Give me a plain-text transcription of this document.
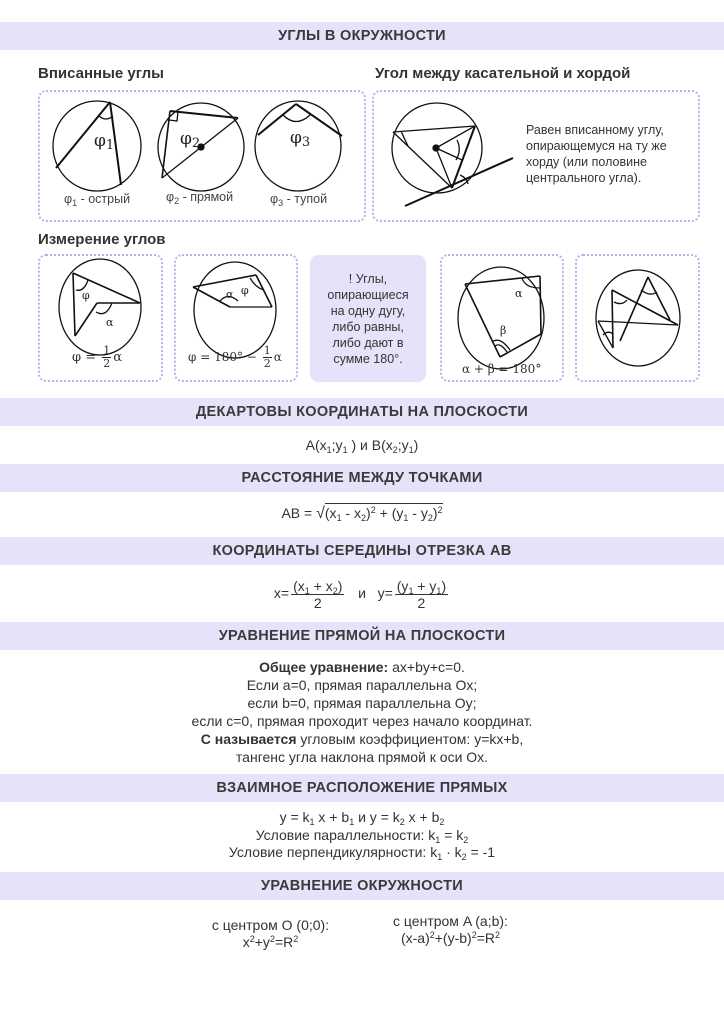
УГЛЫ В ОКРУЖНОСТИ
Вписанные углы	Угол между касательной и хордой
φ1	φ2	φ3
φ
α
α φ	α
β
$\varphi_1$ - острый	$\varphi_2$ - прямой	$\varphi_3$ - тупой
Равен вписанному углу,
опирающемуся на ту же
хорду (или половине
центрального угла).
Измерение углов
$\varphi = \frac{1}{2}$ α	$\varphi = 180^\circ - \frac{1}{2}$ α
α + β = 180°
! Углы,
опирающиеся
на одну дугу,
либо равны,
либо дают в
сумме 180°.
ДЕКАРТОВЫ КООРДИНАТЫ НА ПЛОСКОСТИ
$A(x_1;y_1$ ) и $B(x_2;y_1)$
РАССТОЯНИЕ МЕЖДУ ТОЧКАМИ
AB = $√(x_1 - x_2)^2 + (y_1 - y_2)^2$
КООРДИНАТЫ СЕРЕДИНЫ ОТРЕЗКА АВ
$x= \frac{(x_1 + x_2)}{2}$ и $y= \frac{(y_1 + y_1)}{2}$
УРАВНЕНИЕ ПРЯМОЙ НА ПЛОСКОСТИ
Общее уравнение: ax+by+c=0.
Если a=0, прямая параллельна Ox;
если b=0, прямая параллельна Oy;
если c=0, прямая проходит через начало координат.
C называется угловым коэффициентом: y=kx+b,
тангенс угла наклона прямой к оси Ox.
ВЗАИМНОЕ РАСПОЛОЖЕНИЕ ПРЯМЫХ
$y = k_1$ $x + b_1$ и $y = k_2$ $x + b_2$
Условие параллельности: $k_1 = k_2$
Условие перпендикулярности: $k_1 \cdot k_2 = -1$
УРАВНЕНИЕ ОКРУЖНОСТИ
с центром O (0;0):
$x^2+y^2=R^2$
с центром A (a;b):
$(x-a)^2+(y-b)^2=R^2$
